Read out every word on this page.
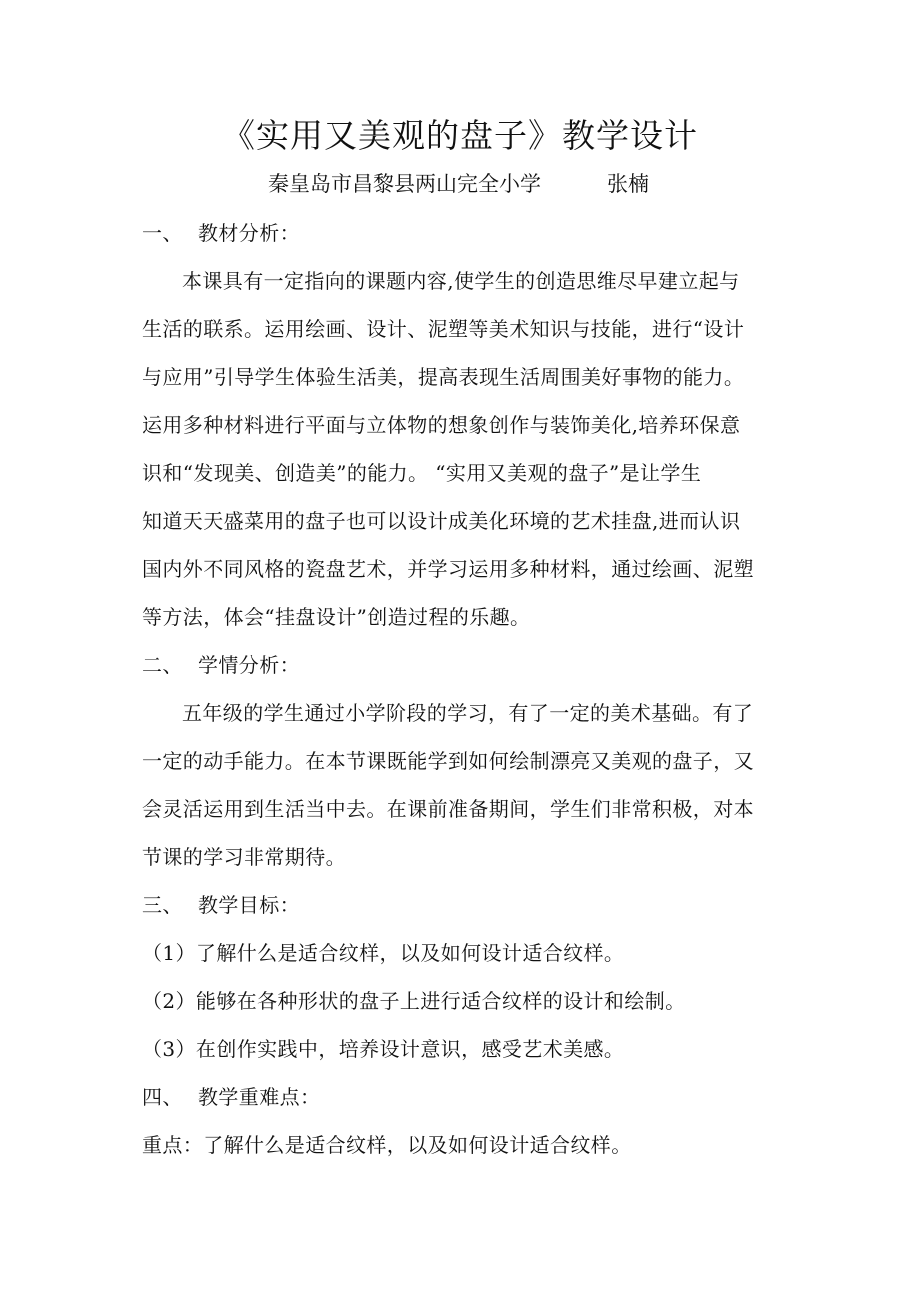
《实用又美观的盘子》教学设计
秦皇岛市昌黎县两山完全小学	张楠
一、 教材分析：
本课具有一定指向的课题内容,使学生的创造思维尽早建立起与
生活的联系。运用绘画、设计、泥塑等美术知识与技能，进行“设计
与应用”引导学生体验生活美，提高表现生活周围美好事物的能力。
运用多种材料进行平面与立体物的想象创作与装饰美化,培养环保意
识和“发现美、创造美”的能力。 “实用又美观的盘子”是让学生
知道天天盛菜用的盘子也可以设计成美化环境的艺术挂盘,进而认识
国内外不同风格的瓷盘艺术，并学习运用多种材料，通过绘画、泥塑
等方法，体会“挂盘设计”创造过程的乐趣。
二、 学情分析：
五年级的学生通过小学阶段的学习，有了一定的美术基础。有了
一定的动手能力。在本节课既能学到如何绘制漂亮又美观的盘子，又
会灵活运用到生活当中去。在课前准备期间，学生们非常积极，对本
节课的学习非常期待。
三、 教学目标：
（1）了解什么是适合纹样，以及如何设计适合纹样。
（2）能够在各种形状的盘子上进行适合纹样的设计和绘制。
（3）在创作实践中，培养设计意识，感受艺术美感。
四、 教学重难点：
重点：了解什么是适合纹样，以及如何设计适合纹样。
